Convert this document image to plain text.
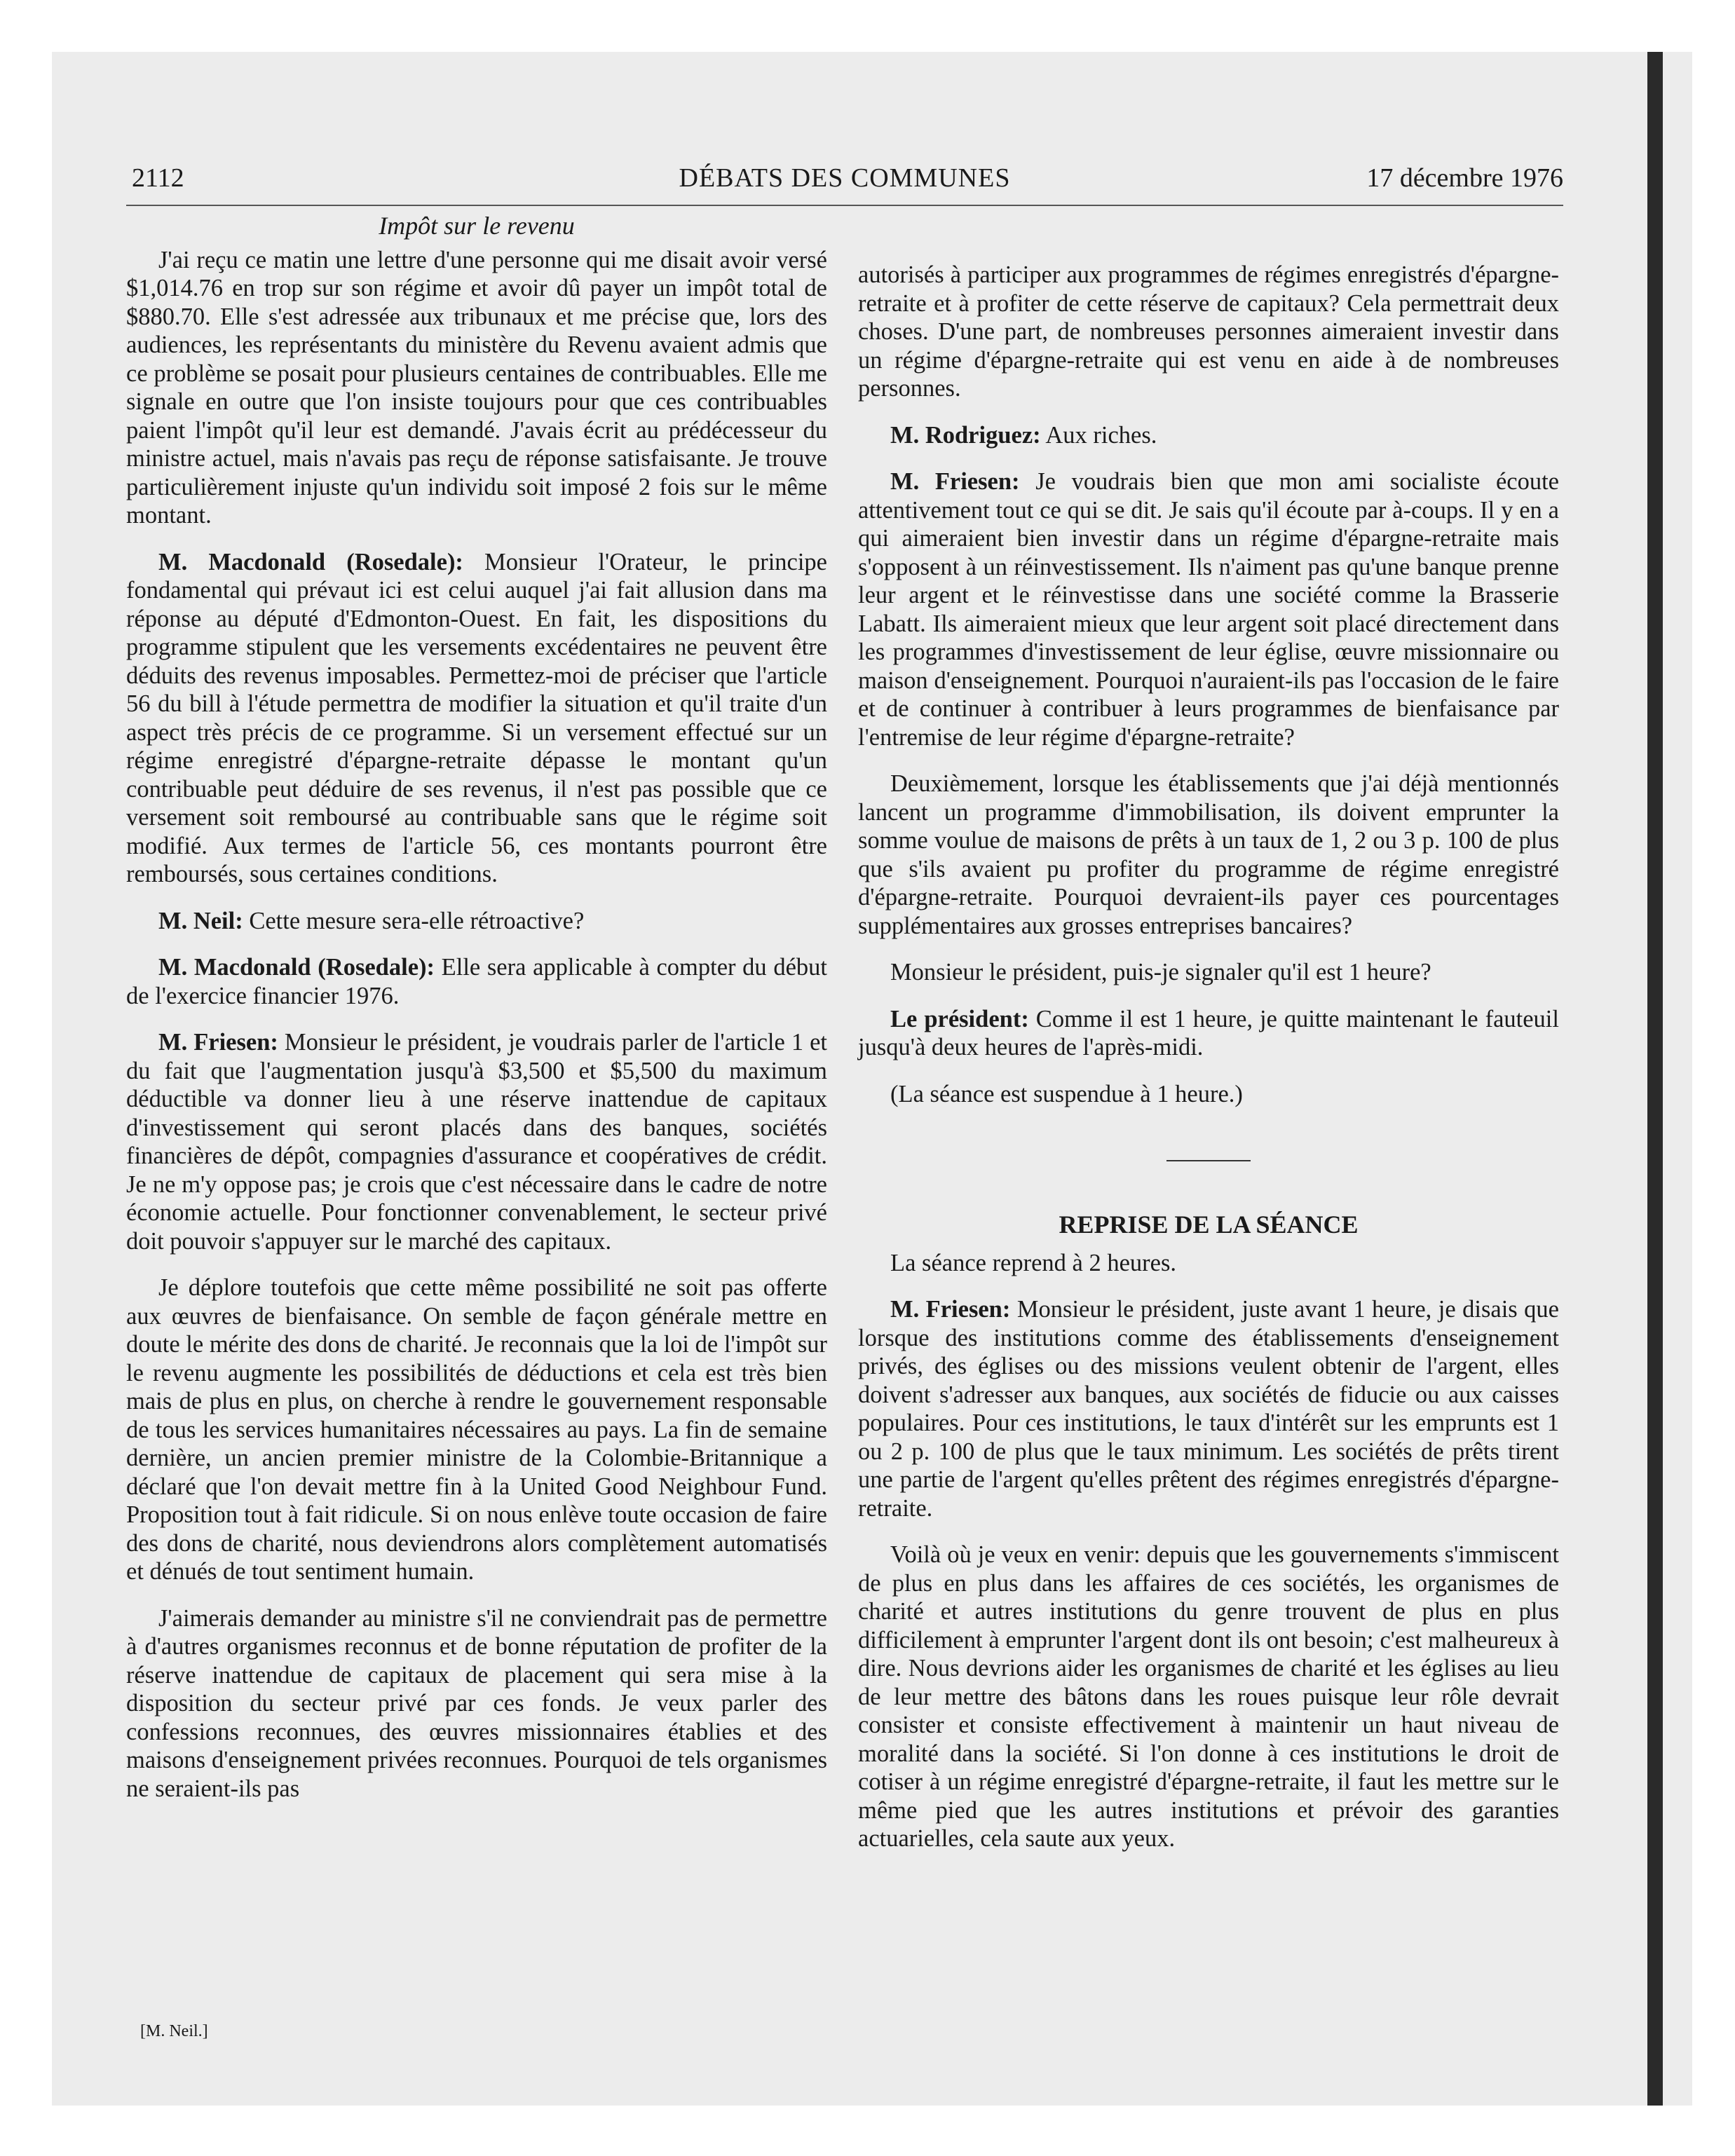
2112	DÉBATS DES COMMUNES	17 décembre 1976
Impôt sur le revenu

J'ai reçu ce matin une lettre d'une personne qui me disait avoir versé $1,014.76 en trop sur son régime et avoir dû payer un impôt total de $880.70. Elle s'est adressée aux tribunaux et me précise que, lors des audiences, les représentants du ministère du Revenu avaient admis que ce problème se posait pour plusieurs centaines de contribuables. Elle me signale en outre que l'on insiste toujours pour que ces contribuables paient l'impôt qu'il leur est demandé. J'avais écrit au prédécesseur du ministre actuel, mais n'avais pas reçu de réponse satisfaisante. Je trouve particulièrement injuste qu'un individu soit imposé 2 fois sur le même montant.

M. Macdonald (Rosedale): Monsieur l'Orateur, le principe fondamental qui prévaut ici est celui auquel j'ai fait allusion dans ma réponse au député d'Edmonton-Ouest. En fait, les dispositions du programme stipulent que les versements excédentaires ne peuvent être déduits des revenus imposables. Permettez-moi de préciser que l'article 56 du bill à l'étude permettra de modifier la situation et qu'il traite d'un aspect très précis de ce programme. Si un versement effectué sur un régime enregistré d'épargne-retraite dépasse le montant qu'un contribuable peut déduire de ses revenus, il n'est pas possible que ce versement soit remboursé au contribuable sans que le régime soit modifié. Aux termes de l'article 56, ces montants pourront être remboursés, sous certaines conditions.

M. Neil: Cette mesure sera-elle rétroactive?

M. Macdonald (Rosedale): Elle sera applicable à compter du début de l'exercice financier 1976.

M. Friesen: Monsieur le président, je voudrais parler de l'article 1 et du fait que l'augmentation jusqu'à $3,500 et $5,500 du maximum déductible va donner lieu à une réserve inattendue de capitaux d'investissement qui seront placés dans des banques, sociétés financières de dépôt, compagnies d'assurance et coopératives de crédit. Je ne m'y oppose pas; je crois que c'est nécessaire dans le cadre de notre économie actuelle. Pour fonctionner convenablement, le secteur privé doit pouvoir s'appuyer sur le marché des capitaux.

Je déplore toutefois que cette même possibilité ne soit pas offerte aux œuvres de bienfaisance. On semble de façon générale mettre en doute le mérite des dons de charité. Je reconnais que la loi de l'impôt sur le revenu augmente les possibilités de déductions et cela est très bien mais de plus en plus, on cherche à rendre le gouvernement responsable de tous les services humanitaires nécessaires au pays. La fin de semaine dernière, un ancien premier ministre de la Colombie-Britannique a déclaré que l'on devait mettre fin à la United Good Neighbour Fund. Proposition tout à fait ridicule. Si on nous enlève toute occasion de faire des dons de charité, nous deviendrons alors complètement automatisés et dénués de tout sentiment humain.

J'aimerais demander au ministre s'il ne conviendrait pas de permettre à d'autres organismes reconnus et de bonne réputation de profiter de la réserve inattendue de capitaux de placement qui sera mise à la disposition du secteur privé par ces fonds. Je veux parler des confessions reconnues, des œuvres missionnaires établies et des maisons d'enseignement privées reconnues. Pourquoi de tels organismes ne seraient-ils pas

[M. Neil.]

autorisés à participer aux programmes de régimes enregistrés d'épargne-retraite et à profiter de cette réserve de capitaux? Cela permettrait deux choses. D'une part, de nombreuses personnes aimeraient investir dans un régime d'épargne-retraite qui est venu en aide à de nombreuses personnes.

M. Rodriguez: Aux riches.

M. Friesen: Je voudrais bien que mon ami socialiste écoute attentivement tout ce qui se dit. Je sais qu'il écoute par à-coups. Il y en a qui aimeraient bien investir dans un régime d'épargne-retraite mais s'opposent à un réinvestissement. Ils n'aiment pas qu'une banque prenne leur argent et le réinvestisse dans une société comme la Brasserie Labatt. Ils aimeraient mieux que leur argent soit placé directement dans les programmes d'investissement de leur église, œuvre missionnaire ou maison d'enseignement. Pourquoi n'auraient-ils pas l'occasion de le faire et de continuer à contribuer à leurs programmes de bienfaisance par l'entremise de leur régime d'épargne-retraite?

Deuxièmement, lorsque les établissements que j'ai déjà mentionnés lancent un programme d'immobilisation, ils doivent emprunter la somme voulue de maisons de prêts à un taux de 1, 2 ou 3 p. 100 de plus que s'ils avaient pu profiter du programme de régime enregistré d'épargne-retraite. Pourquoi devraient-ils payer ces pourcentages supplémentaires aux grosses entreprises bancaires?

Monsieur le président, puis-je signaler qu'il est 1 heure?

Le président: Comme il est 1 heure, je quitte maintenant le fauteuil jusqu'à deux heures de l'après-midi.

(La séance est suspendue à 1 heure.)

REPRISE DE LA SÉANCE

La séance reprend à 2 heures.

M. Friesen: Monsieur le président, juste avant 1 heure, je disais que lorsque des institutions comme des établissements d'enseignement privés, des églises ou des missions veulent obtenir de l'argent, elles doivent s'adresser aux banques, aux sociétés de fiducie ou aux caisses populaires. Pour ces institutions, le taux d'intérêt sur les emprunts est 1 ou 2 p. 100 de plus que le taux minimum. Les sociétés de prêts tirent une partie de l'argent qu'elles prêtent des régimes enregistrés d'épargne-retraite.

Voilà où je veux en venir: depuis que les gouvernements s'immiscent de plus en plus dans les affaires de ces sociétés, les organismes de charité et autres institutions du genre trouvent de plus en plus difficilement à emprunter l'argent dont ils ont besoin; c'est malheureux à dire. Nous devrions aider les organismes de charité et les églises au lieu de leur mettre des bâtons dans les roues puisque leur rôle devrait consister et consiste effectivement à maintenir un haut niveau de moralité dans la société. Si l'on donne à ces institutions le droit de cotiser à un régime enregistré d'épargne-retraite, il faut les mettre sur le même pied que les autres institutions et prévoir des garanties actuarielles, cela saute aux yeux.
